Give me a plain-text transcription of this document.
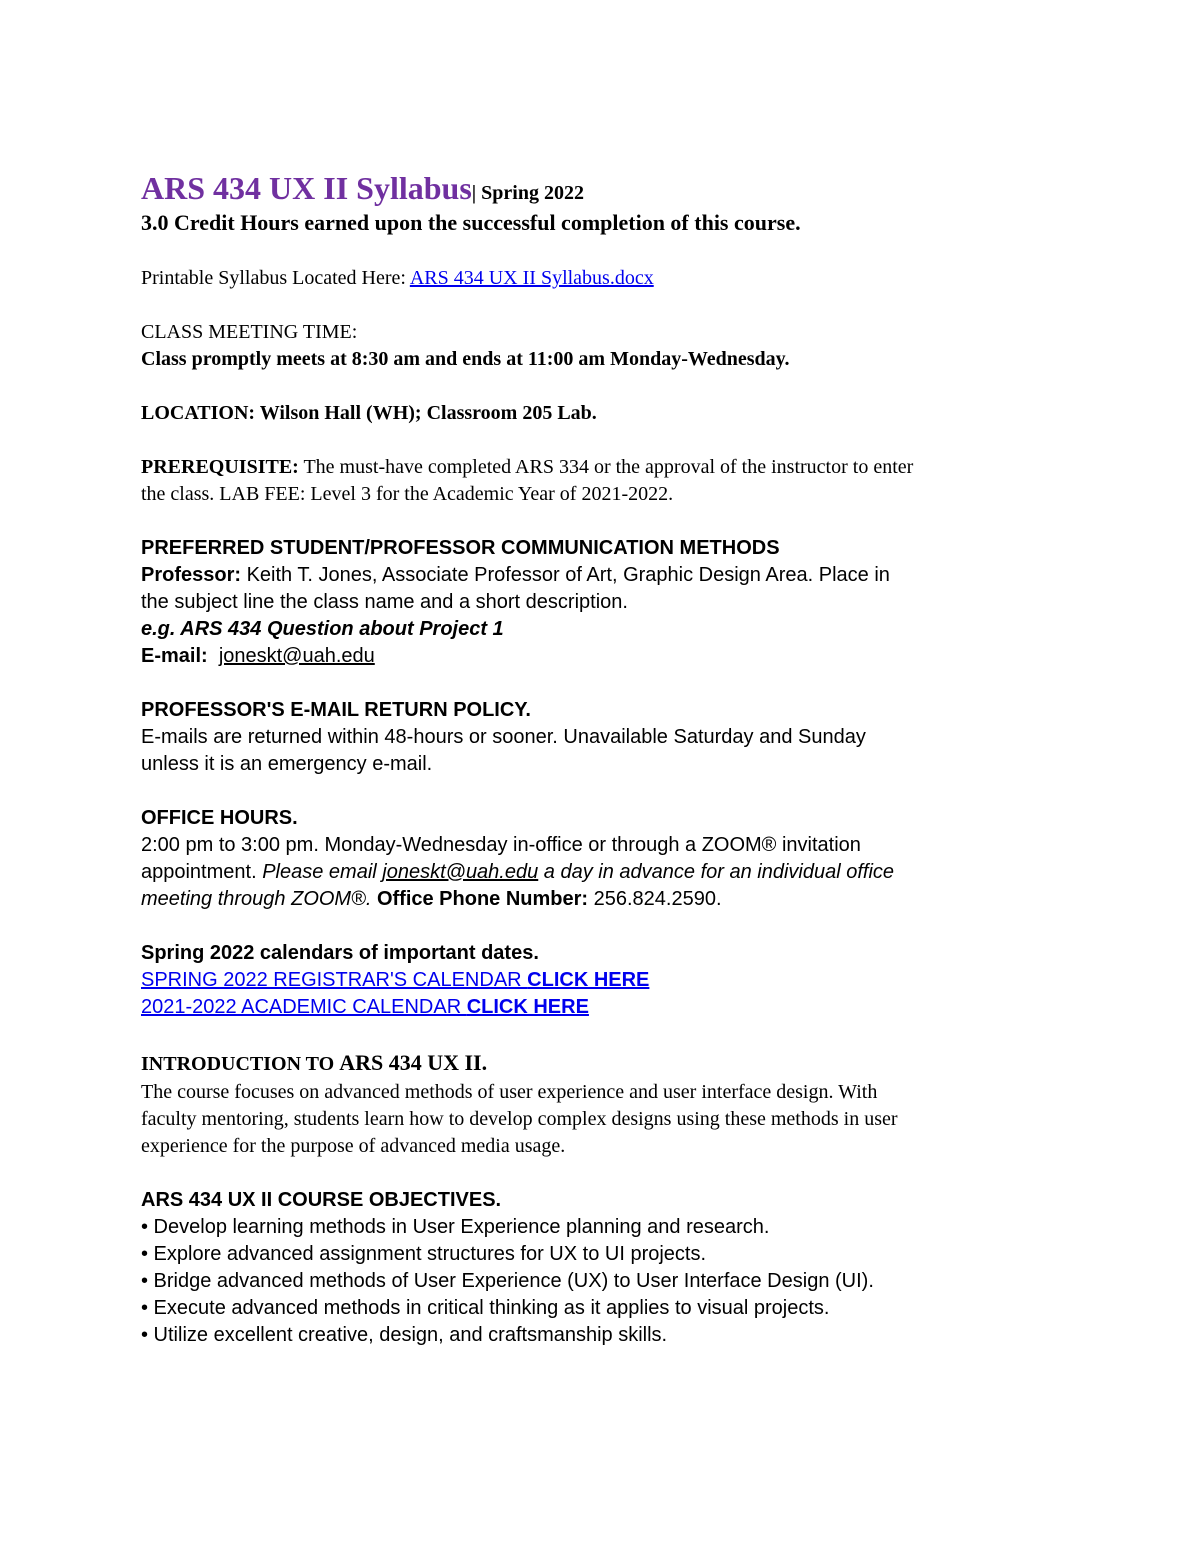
ARS 434 UX II Syllabus| Spring 2022

3.0 Credit Hours earned upon the successful completion of this course.

Printable Syllabus Located Here: ARS 434 UX II Syllabus.docx

CLASS MEETING TIME:

Class promptly meets at 8:30 am and ends at 11:00 am Monday-Wednesday.

LOCATION: Wilson Hall (WH); Classroom 205 Lab.

PREREQUISITE: The must-have completed ARS 334 or the approval of the instructor to enter

the class. LAB FEE: Level 3 for the Academic Year of 2021-2022.

PREFERRED STUDENT/PROFESSOR COMMUNICATION METHODS

Professor: Keith T. Jones, Associate Professor of Art, Graphic Design Area. Place in

the subject line the class name and a short description.

e.g. ARS 434 Question about Project 1

E-mail: joneskt@uah.edu

PROFESSOR'S E-MAIL RETURN POLICY.

E-mails are returned within 48-hours or sooner. Unavailable Saturday and Sunday

unless it is an emergency e-mail.

OFFICE HOURS.

2:00 pm to 3:00 pm. Monday-Wednesday in-office or through a ZOOM® invitation

appointment. Please email joneskt@uah.edu a day in advance for an individual office

meeting through ZOOM®. Office Phone Number: 256.824.2590.

Spring 2022 calendars of important dates.

SPRING 2022 REGISTRAR'S CALENDAR CLICK HERE

2021-2022 ACADEMIC CALENDAR CLICK HERE

INTRODUCTION TO ARS 434 UX II.

The course focuses on advanced methods of user experience and user interface design. With

faculty mentoring, students learn how to develop complex designs using these methods in user

experience for the purpose of advanced media usage.

ARS 434 UX II COURSE OBJECTIVES.

• Develop learning methods in User Experience planning and research.
• Explore advanced assignment structures for UX to UI projects.
• Bridge advanced methods of User Experience (UX) to User Interface Design (UI).
• Execute advanced methods in critical thinking as it applies to visual projects.
• Utilize excellent creative, design, and craftsmanship skills.
